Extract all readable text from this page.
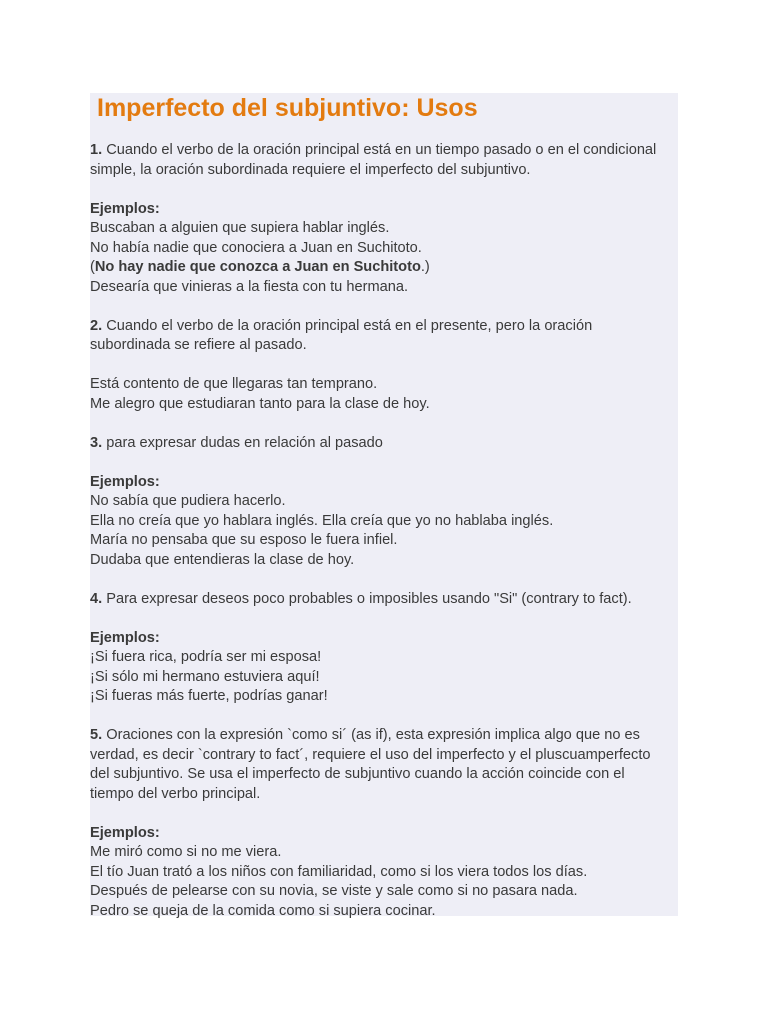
Imperfecto del subjuntivo: Usos
1. Cuando el verbo de la oración principal está en un tiempo pasado o en el condicional
simple, la oración subordinada requiere el imperfecto del subjuntivo.
Ejemplos:
Buscaban a alguien que supiera hablar inglés.
No había nadie que conociera a Juan en Suchitoto.
(No hay nadie que conozca a Juan en Suchitoto.)
Desearía que vinieras a la fiesta con tu hermana.
2. Cuando el verbo de la oración principal está en el presente, pero la oración
subordinada se refiere al pasado.
Está contento de que llegaras tan temprano.
Me alegro que estudiaran tanto para la clase de hoy.
3. para expresar dudas en relación al pasado
Ejemplos:
No sabía que pudiera hacerlo.
Ella no creía que yo hablara inglés. Ella creía que yo no hablaba inglés.
María no pensaba que su esposo le fuera infiel.
Dudaba que entendieras la clase de hoy.
4. Para expresar deseos poco probables o imposibles usando "Si" (contrary to fact).
Ejemplos:
¡Si fuera rica, podría ser mi esposa!
¡Si sólo mi hermano estuviera aquí!
¡Si fueras más fuerte, podrías ganar!
5. Oraciones con la expresión `como si´ (as if), esta expresión implica algo que no es
verdad, es decir `contrary to fact´, requiere el uso del imperfecto y el pluscuamperfecto
del subjuntivo. Se usa el imperfecto de subjuntivo cuando la acción coincide con el
tiempo del verbo principal.
Ejemplos:
Me miró como si no me viera.
El tío Juan trató a los niños con familiaridad, como si los viera todos los días.
Después de pelearse con su novia, se viste y sale como si no pasara nada.
Pedro se queja de la comida como si supiera cocinar.
